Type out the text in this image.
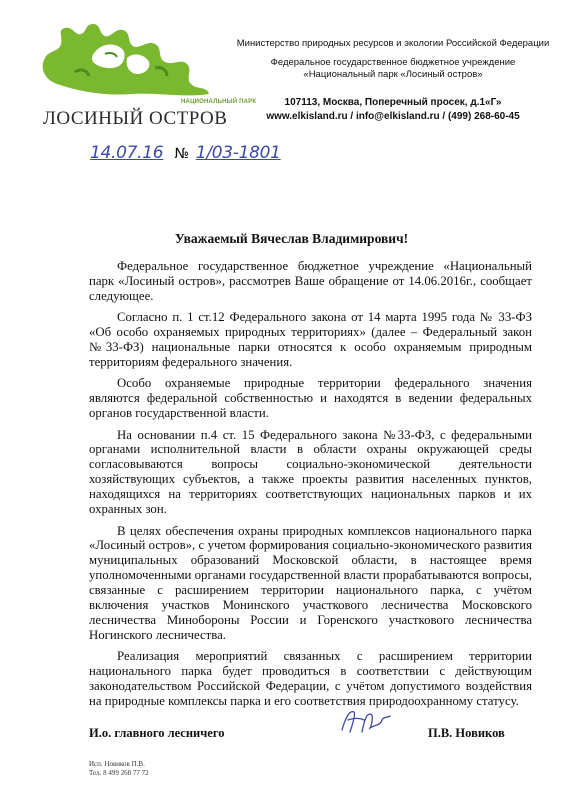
НАЦИОНАЛЬНЫЙ ПАРК
ЛОСИНЫЙ ОСТРОВ
Министерство природных ресурсов и экологии Российской Федерации
Федеральное государственное бюджетное учреждение
«Национальный парк «Лосиный остров»
107113, Москва, Поперечный просек, д.1«Г»
www.elkisland.ru / info@elkisland.ru / (499) 268-60-45
14.07.16 № 1/03-1801
Уважаемый Вячеслав Владимирович!

Федеральное государственное бюджетное учреждение «Национальный парк «Лосиный остров», рассмотрев Ваше обращение от 14.06.2016г., сообщает следующее.

Согласно п. 1 ст.12 Федерального закона от 14 марта 1995 года № 33-ФЗ «Об особо охраняемых природных территориях» (далее – Федеральный закон №33-ФЗ) национальные парки относятся к особо охраняемым природным территориям федерального значения.

Особо охраняемые природные территории федерального значения являются федеральной собственностью и находятся в ведении федеральных органов государственной власти.

На основании п.4 ст. 15 Федерального закона №33-ФЗ, с федеральными органами исполнительной власти в области охраны окружающей среды согласовываются вопросы социально-экономической деятельности хозяйствующих субъектов, а также проекты развития населенных пунктов, находящихся на территориях соответствующих национальных парков и их охранных зон.

В целях обеспечения охраны природных комплексов национального парка «Лосиный остров», с учетом формирования социально-экономического развития муниципальных образований Московской области, в настоящее время уполномоченными органами государственной власти прорабатываются вопросы, связанные с расширением территории национального парка, с учётом включения участков Монинского участкового лесничества Московского лесничества Минобороны России и Горенского участкового лесничества Ногинского лесничества.

Реализация мероприятий связанных с расширением территории национального парка будет проводиться в соответствии с действующим законодательством Российской Федерации, с учётом допустимого воздействия на природные комплексы парка и его соответствия природоохранному статусу.

И.о. главного лесничего	П.В. Новиков
Исп. Новиков П.В.
Тел. 8 499 268 77 72
